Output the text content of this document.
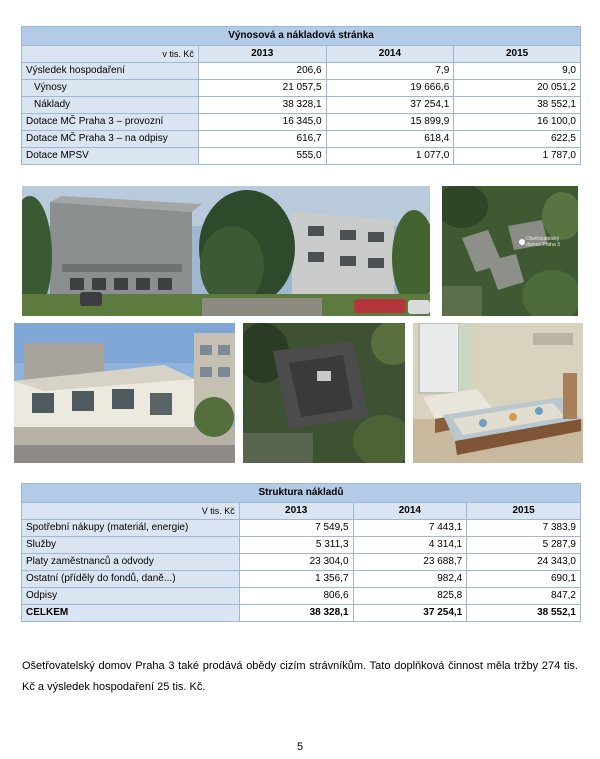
Výnosová a nákladová stránka			
v tis. Kč	2013	2014	2015
Výsledek hospodaření	206,6	7,9	9,0
Výnosy	21 057,5	19 666,6	20 051,2
Náklady	38 328,1	37 254,1	38 552,1
Dotace MČ Praha 3 – provozní	16 345,0	15 899,9	16 100,0
Dotace MČ Praha 3 – na odpisy	616,7	618,4	622,5
Dotace MPSV	555,0	1 077,0	1 787,0
Ošetřovatelský domov Praha 3
Struktura nákladů			
V tis. Kč	2013	2014	2015
Spotřební nákupy (materiál, energie)	7 549,5	7 443,1	7 383,9
Služby	5 311,3	4 314,1	5 287,9
Platy zaměstnanců a odvody	23 304,0	23 688,7	24 343,0
Ostatní (příděly do fondů, daně...)	1 356,7	982,4	690,1
Odpisy	806,6	825,8	847,2
CELKEM	38 328,1	37 254,1	38 552,1
Ošetřovatelský domov Praha 3 také prodává obědy cizím strávníkům. Tato doplňková činnost měla tržby 274 tis. Kč a výsledek hospodaření 25 tis. Kč.
5
